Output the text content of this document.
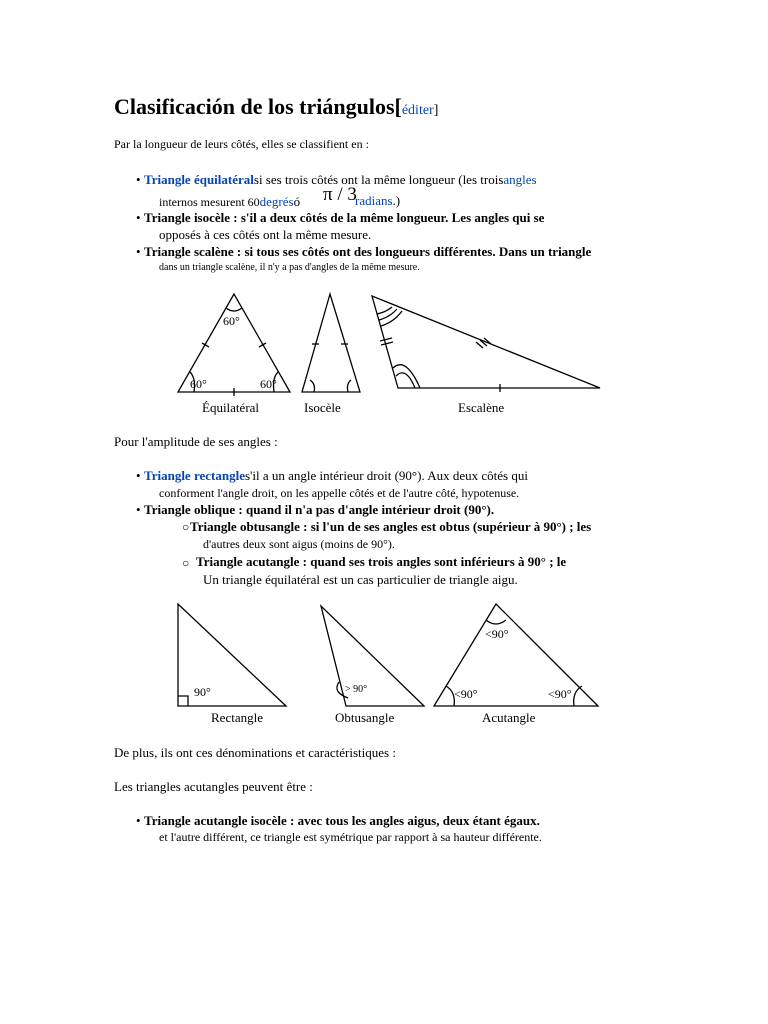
Clasificación de los triángulos[éditer]
Par la longueur de leurs côtés, elles se classifient en :
• Triangle équilatéralsi ses trois côtés ont la même longueur (les troisangles
internos mesurent 60degrésó π / 3
radians.)
• Triangle isocèle : s'il a deux côtés de la même longueur. Les angles qui se
opposés à ces côtés ont la même mesure.
• Triangle scalène : si tous ses côtés ont des longueurs différentes. Dans un triangle
dans un triangle scalène, il n'y a pas d'angles de la même mesure.
60°
60°	60°
Équilatéral	Isocèle	Escalène
Pour l'amplitude de ses angles :
• Triangle rectangles'il a un angle intérieur droit (90°). Aux deux côtés qui
conforment l'angle droit, on les appelle côtés et de l'autre côté, hypotenuse.
• Triangle oblique : quand il n'a pas d'angle intérieur droit (90°).
○ Triangle obtusangle : si l'un de ses angles est obtus (supérieur à 90°) ; les
d'autres deux sont aigus (moins de 90°).
○ Triangle acutangle : quand ses trois angles sont inférieurs à 90° ; le
Un triangle équilatéral est un cas particulier de triangle aigu.
90°	> 90°
<90°
<90°	<90°
Rectangle	Obtusangle	Acutangle
De plus, ils ont ces dénominations et caractéristiques :
Les triangles acutangles peuvent être :
• Triangle acutangle isocèle : avec tous les angles aigus, deux étant égaux.
et l'autre différent, ce triangle est symétrique par rapport à sa hauteur différente.
